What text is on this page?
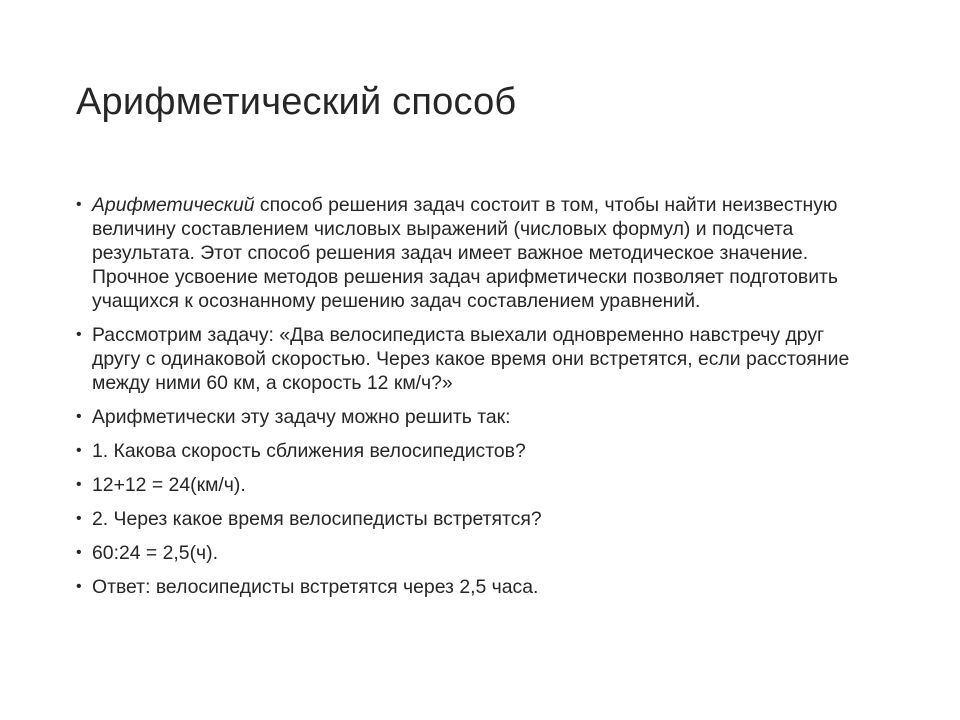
Арифметический способ
• Арифметический способ решения задач состоит в том, чтобы найти неизвестную величину составлением числовых выражений (числовых формул) и подсчета результата. Этот способ решения задач имеет важное методическое значение. Прочное усвоение методов решения задач арифметически позволяет подготовить учащихся к осознанному решению задач составлением уравнений.
• Рассмотрим задачу: «Два велосипедиста выехали одновременно навстречу друг другу с одинаковой скоростью. Через какое время они встретятся, если расстояние между ними 60 км, а скорость 12 км/ч?»
• Арифметически эту задачу можно решить так:
• 1. Какова скорость сближения велосипедистов?
• 12+12 = 24(км/ч).
• 2. Через какое время велосипедисты встретятся?
• 60:24 = 2,5(ч).
• Ответ: велосипедисты встретятся через 2,5 часа.
